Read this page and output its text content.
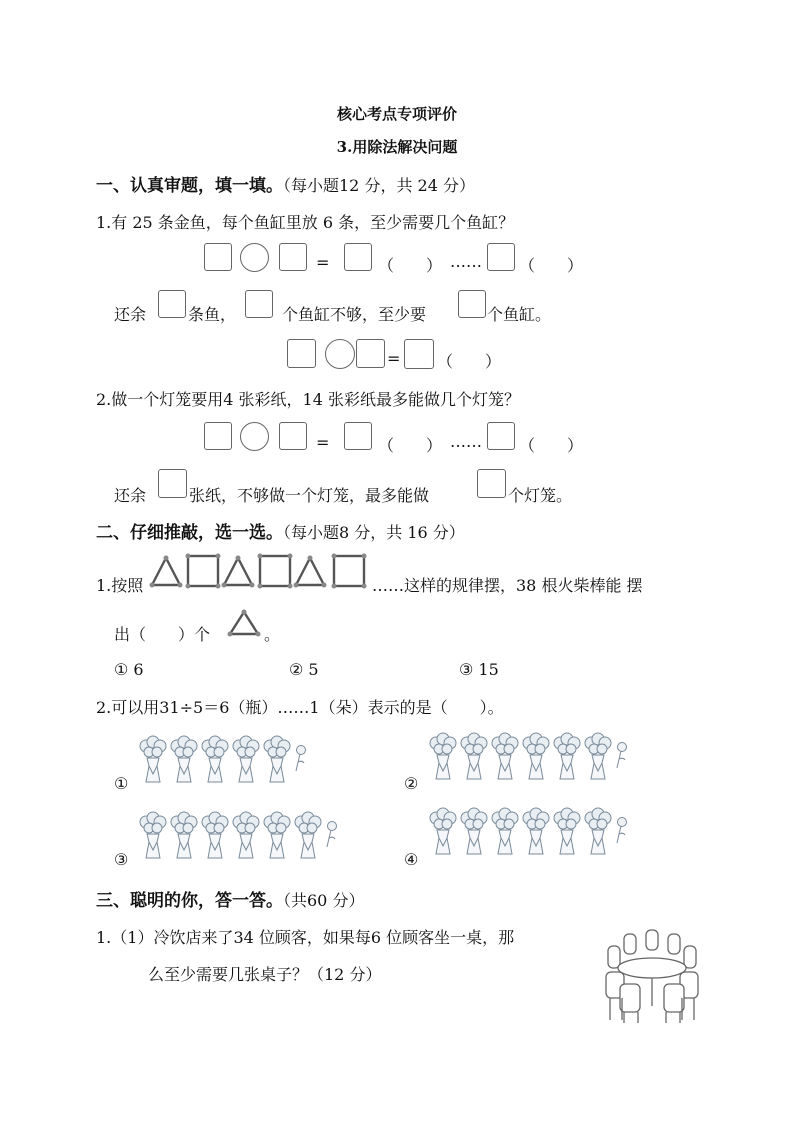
核心考点专项评价
3.用除法解决问题
一、认真审题，填一填。（每小题12 分，共 24 分）
1.有 25 条金鱼，每个鱼缸里放 6 条，至少需要几个鱼缸？
=	（　　） …… （　　）
还余	条鱼，	个鱼缸不够，至少要	个鱼缸。
= （　　）
2.做一个灯笼要用4 张彩纸，14 张彩纸最多能做几个灯笼？
=	（　　） …… （　　）
还余	张纸，不够做一个灯笼，最多能做	个灯笼。
二、仔细推敲，选一选。（每小题8 分，共 16 分）
1.按照	……这样的规律摆，38 根火柴棒能 摆
出（　　）个	。
① 6	② 5	③ 15
2.可以用31÷5＝6（瓶）……1（朵）表示的是（　　）。
①	②
③	④
三、聪明的你，答一答。（共60 分）
1.（1）冷饮店来了34 位顾客，如果每6 位顾客坐一桌，那
么至少需要几张桌子？（12 分）
